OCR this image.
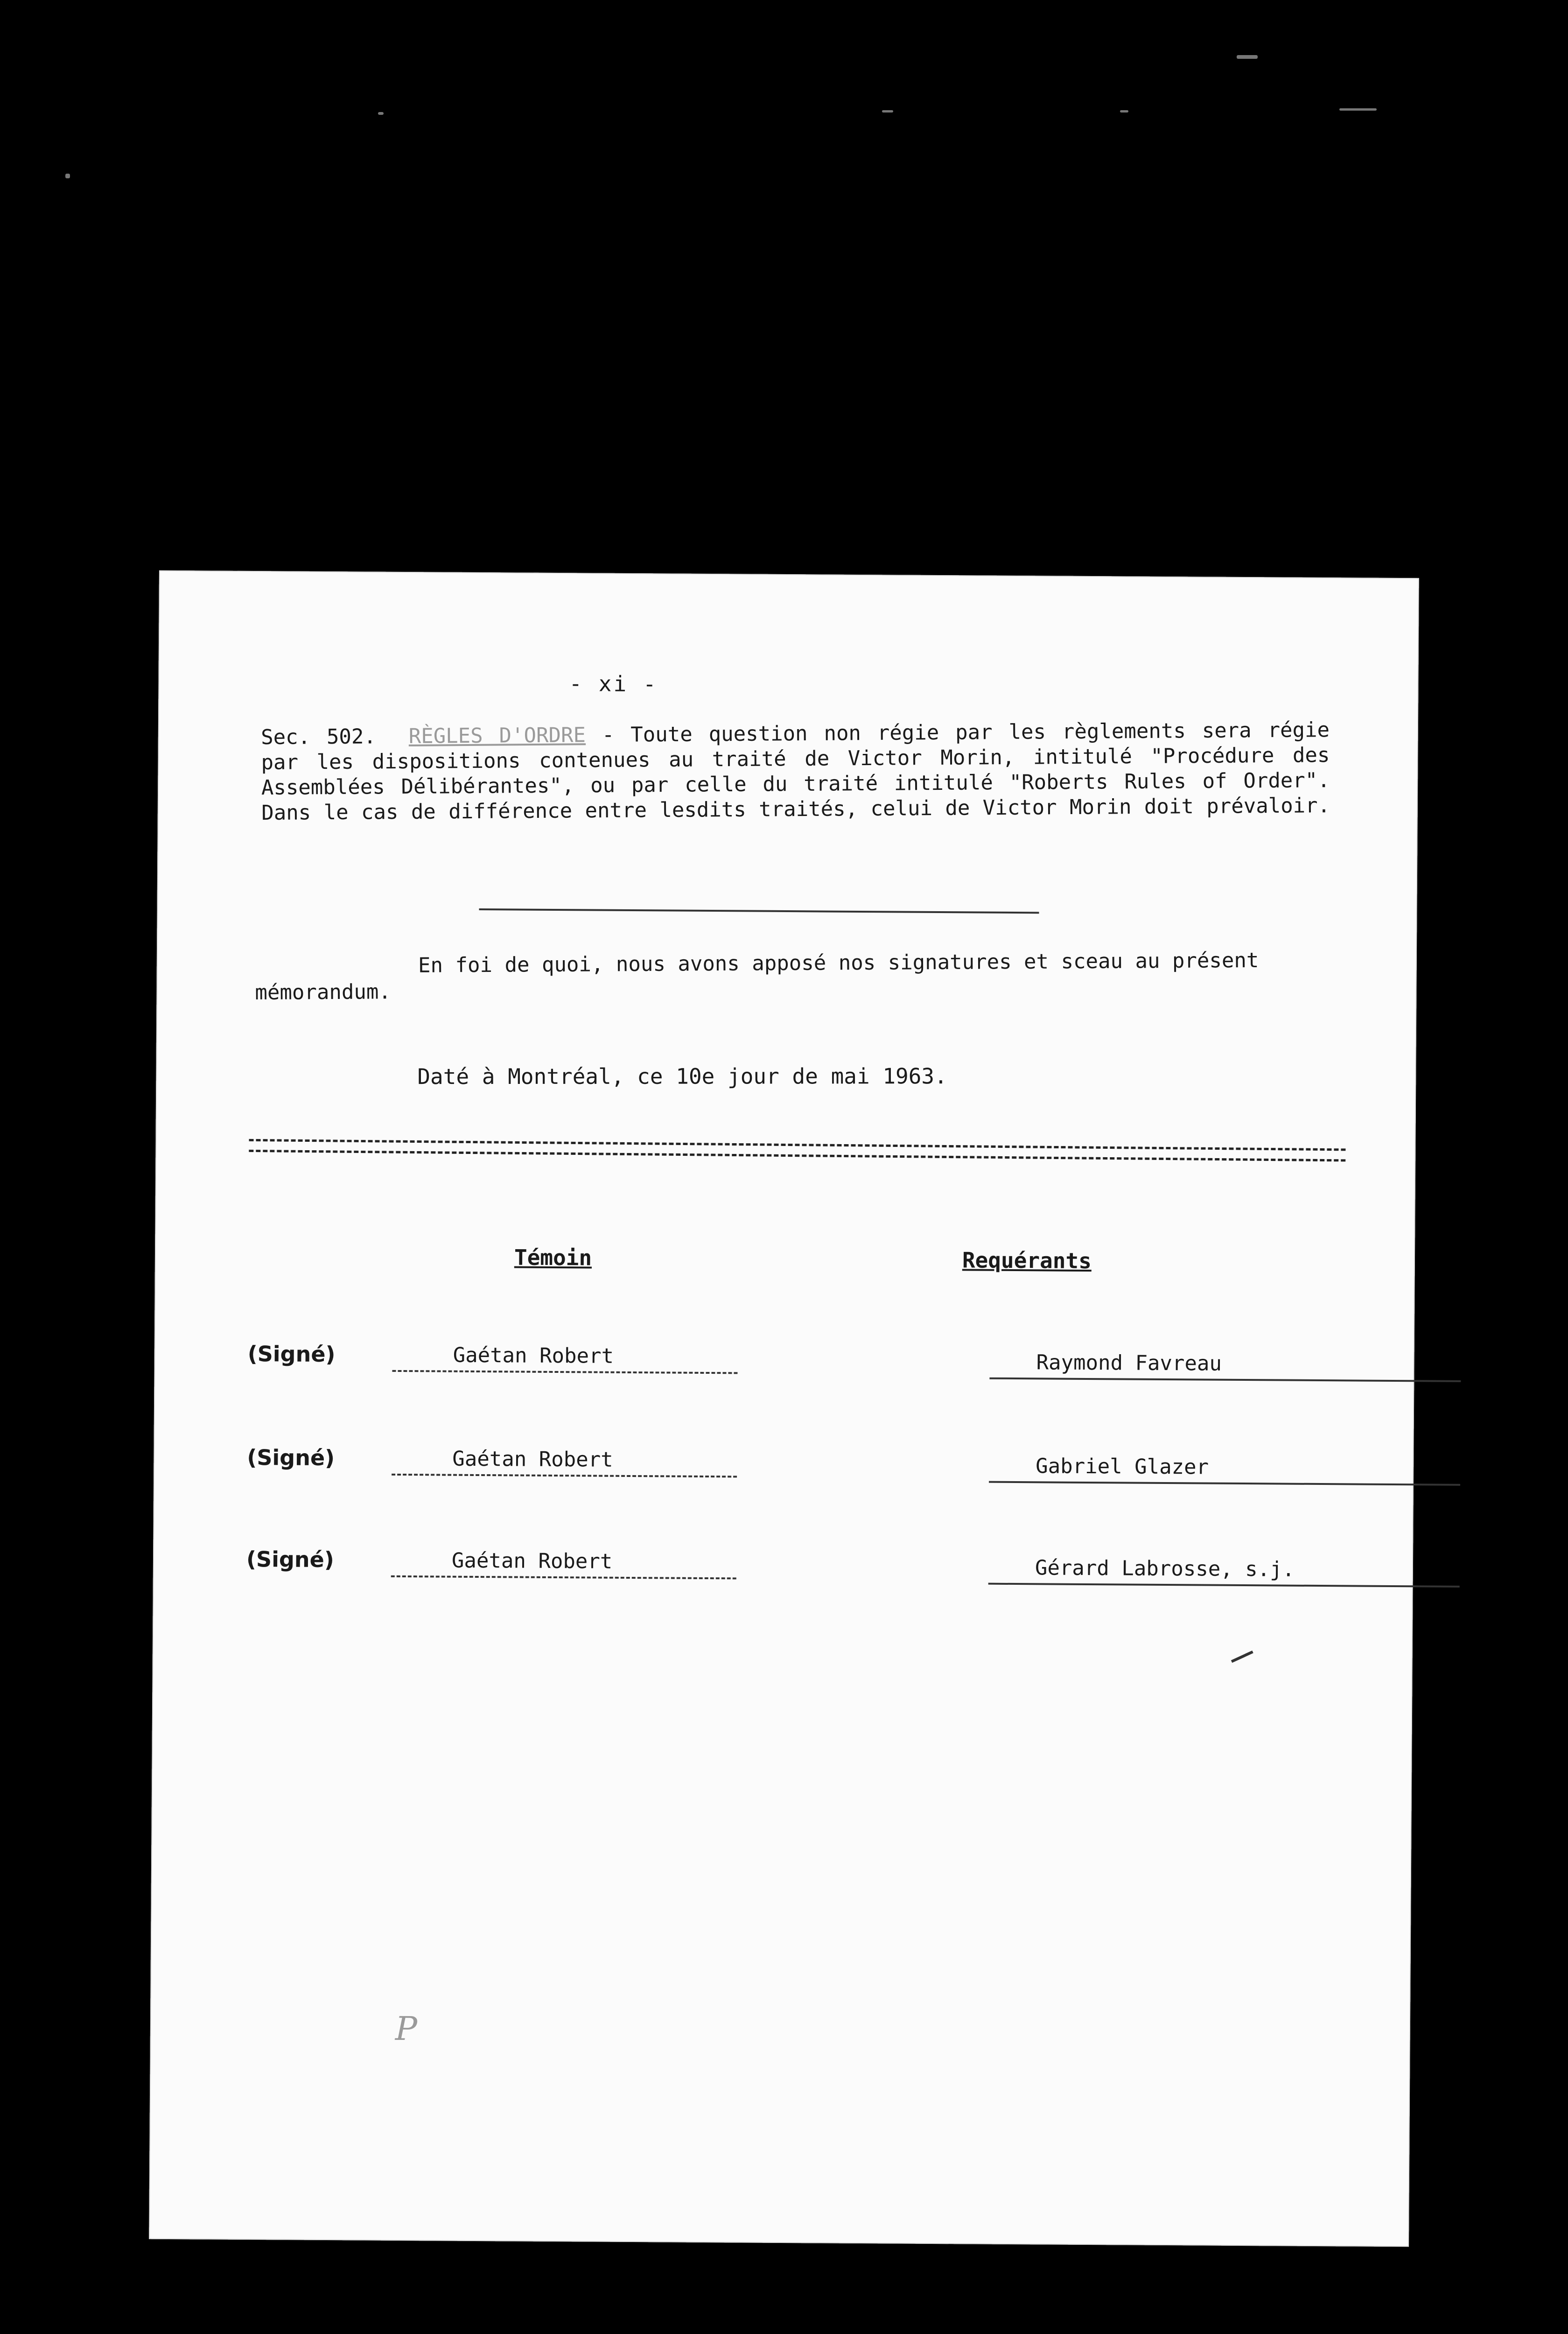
- xi -
Sec. 502. RÈGLES D'ORDRE - Toute question non régie par les règlements sera régie
par les dispositions contenues au traité de Victor Morin, intitulé "Procédure des
Assemblées Délibérantes", ou par celle du traité intitulé "Roberts Rules of Order".
Dans le cas de différence entre lesdits traités, celui de Victor Morin doit prévaloir.
En foi de quoi, nous avons apposé nos signatures et sceau au présent
mémorandum.
Daté à Montréal, ce 10e jour de mai 1963.
Témoin	Requérants
(Signé)	Gaétan Robert	Raymond Favreau
(Signé)	Gaétan Robert	Gabriel Glazer
(Signé)	Gaétan Robert	Gérard Labrosse, s.j.
P
